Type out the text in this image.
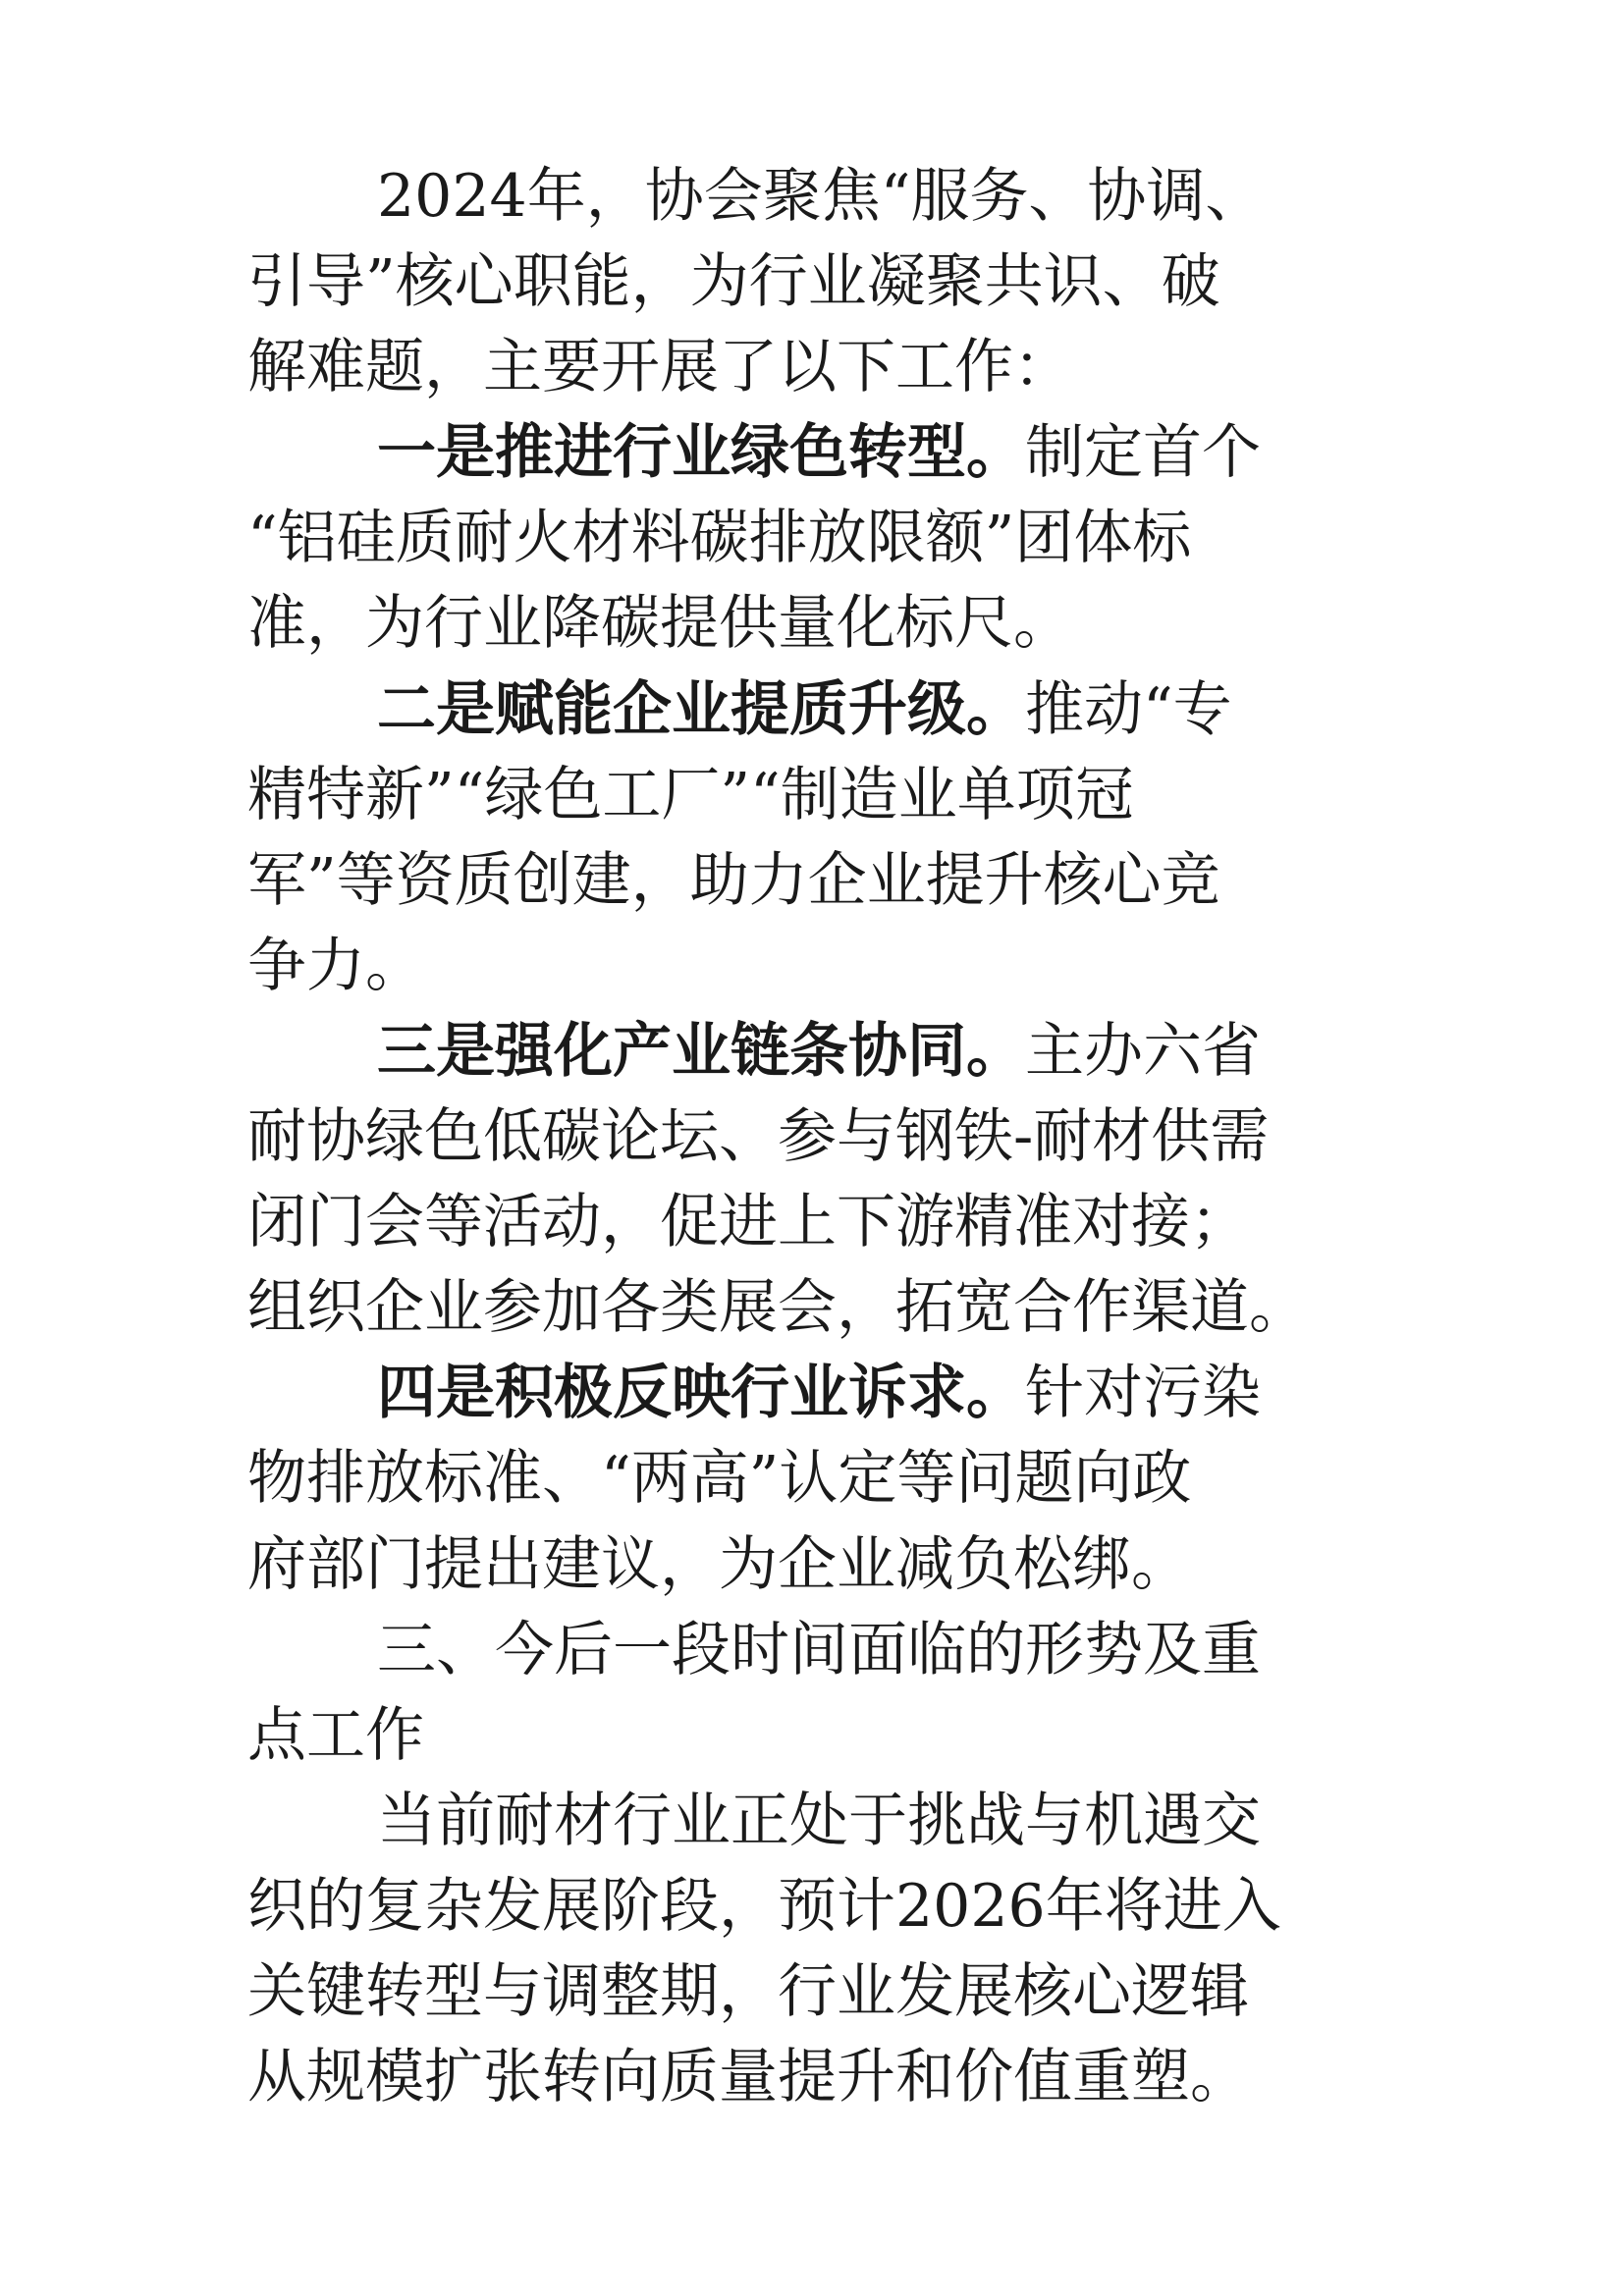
2024年，协会聚焦“服务、协调、
引导”核心职能，为行业凝聚共识、破
解难题，主要开展了以下工作：
一是推进行业绿色转型。制定首个
“铝硅质耐火材料碳排放限额”团体标
准，为行业降碳提供量化标尺。
二是赋能企业提质升级。推动“专
精特新”“绿色工厂”“制造业单项冠
军”等资质创建，助力企业提升核心竞
争力。
三是强化产业链条协同。主办六省
耐协绿色低碳论坛、参与钢铁-耐材供需
闭门会等活动，促进上下游精准对接；
组织企业参加各类展会，拓宽合作渠道。
四是积极反映行业诉求。针对污染
物排放标准、“两高”认定等问题向政
府部门提出建议，为企业减负松绑。
三、今后一段时间面临的形势及重
点工作
当前耐材行业正处于挑战与机遇交
织的复杂发展阶段，预计2026年将进入
关键转型与调整期，行业发展核心逻辑
从规模扩张转向质量提升和价值重塑。
